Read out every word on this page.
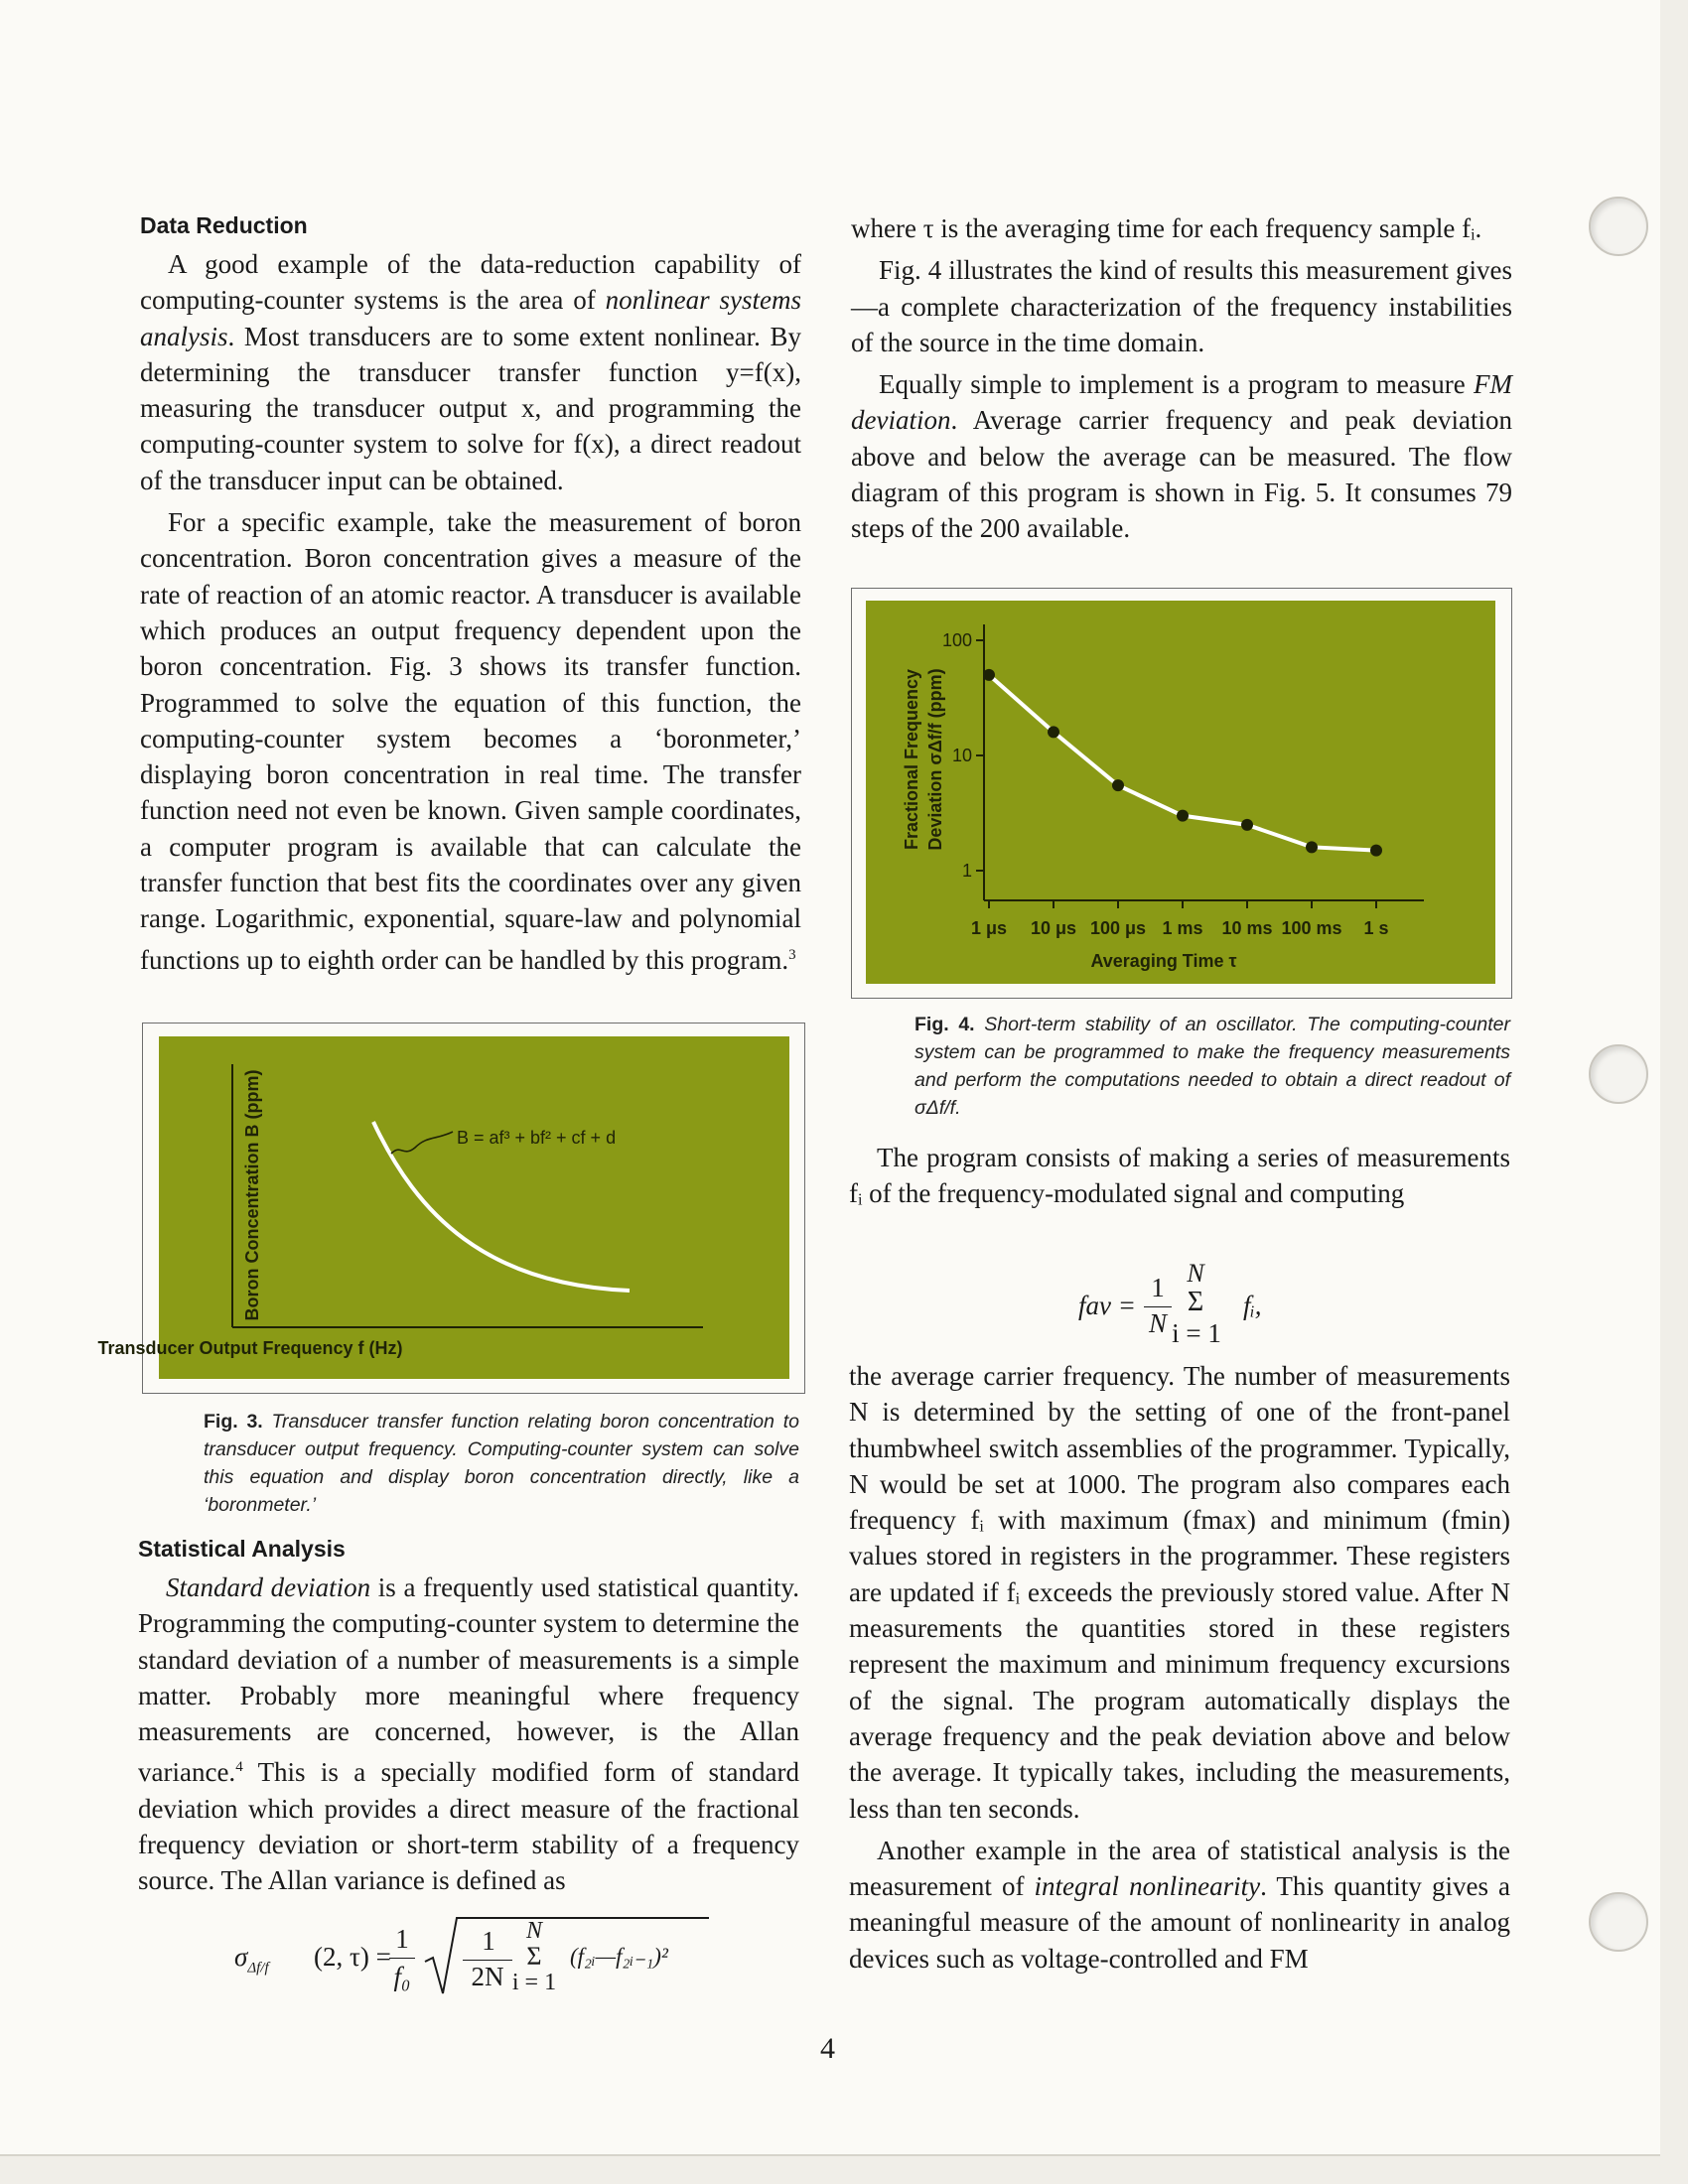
Data Reduction

A good example of the data-reduction capability of computing-counter systems is the area of nonlinear systems analysis. Most transducers are to some extent nonlinear. By determining the transducer transfer function y=f(x), measuring the transducer output x, and programming the computing-counter system to solve for f(x), a direct readout of the transducer input can be obtained.

For a specific example, take the measurement of boron concentration. Boron concentration gives a measure of the rate of reaction of an atomic reactor. A transducer is available which produces an output frequency dependent upon the boron concentration. Fig. 3 shows its transfer function. Programmed to solve the equation of this function, the computing-counter system becomes a ‘boronmeter,’ displaying boron concentration in real time. The transfer function need not even be known. Given sample coordinates, a computer program is available that can calculate the transfer function that best fits the coordinates over any given range. Logarithmic, exponential, square-law and polynomial functions up to eighth order can be handled by this program.$^3$

B = af³ + bf² + cf + d
Transducer Output Frequency f (Hz)
Boron Concentration B (ppm)
Fig. 3. Transducer transfer function relating boron concentration to transducer output frequency. Computing-counter system can solve this equation and display boron concentration directly, like a ‘boronmeter.’
Statistical Analysis

Standard deviation is a frequently used statistical quantity. Programming the computing-counter system to determine the standard deviation of a number of measurements is a simple matter. Probably more meaningful where frequency measurements are concerned, however, is the Allan variance.$^4$ This is a specially modified form of standard deviation which provides a direct measure of the fractional frequency deviation or short-term stability of a frequency source. The Allan variance is defined as

$\sigma_{\Delta f/f}$ (2, τ) =
1
f₀
1
2N
N
Σ
i = 1
(f₂ᵢ—f₂ᵢ₋₁)²

where τ is the averaging time for each frequency sample fᵢ.

Fig. 4 illustrates the kind of results this measurement gives—a complete characterization of the frequency instabilities of the source in the time domain.

Equally simple to implement is a program to measure FM deviation. Average carrier frequency and peak deviation above and below the average can be measured. The flow diagram of this program is shown in Fig. 5. It consumes 79 steps of the 200 available.

100
10
1
1 μs 10 μs 100 μs 1 ms 10 ms 100 ms 1 s
Averaging Time τ
Fractional Frequency Deviation σΔf/f (ppm)
Fig. 4. Short-term stability of an oscillator. The computing-counter system can be programmed to make the frequency measurements and perform the computations needed to obtain a direct readout of σΔf/f.

The program consists of making a series of measurements fᵢ of the frequency-modulated signal and computing

fav =
1
N
N
Σ
i = 1
fᵢ,

the average carrier frequency. The number of measurements N is determined by the setting of one of the front-panel thumbwheel switch assemblies of the programmer. Typically, N would be set at 1000. The program also compares each frequency fᵢ with maximum (fmax) and minimum (fmin) values stored in registers in the programmer. These registers are updated if fᵢ exceeds the previously stored value. After N measurements the quantities stored in these registers represent the maximum and minimum frequency excursions of the signal. The program automatically displays the average frequency and the peak deviation above and below the average. It typically takes, including the measurements, less than ten seconds.

Another example in the area of statistical analysis is the measurement of integral nonlinearity. This quantity gives a meaningful measure of the amount of nonlinearity in analog devices such as voltage-controlled and FM

4
